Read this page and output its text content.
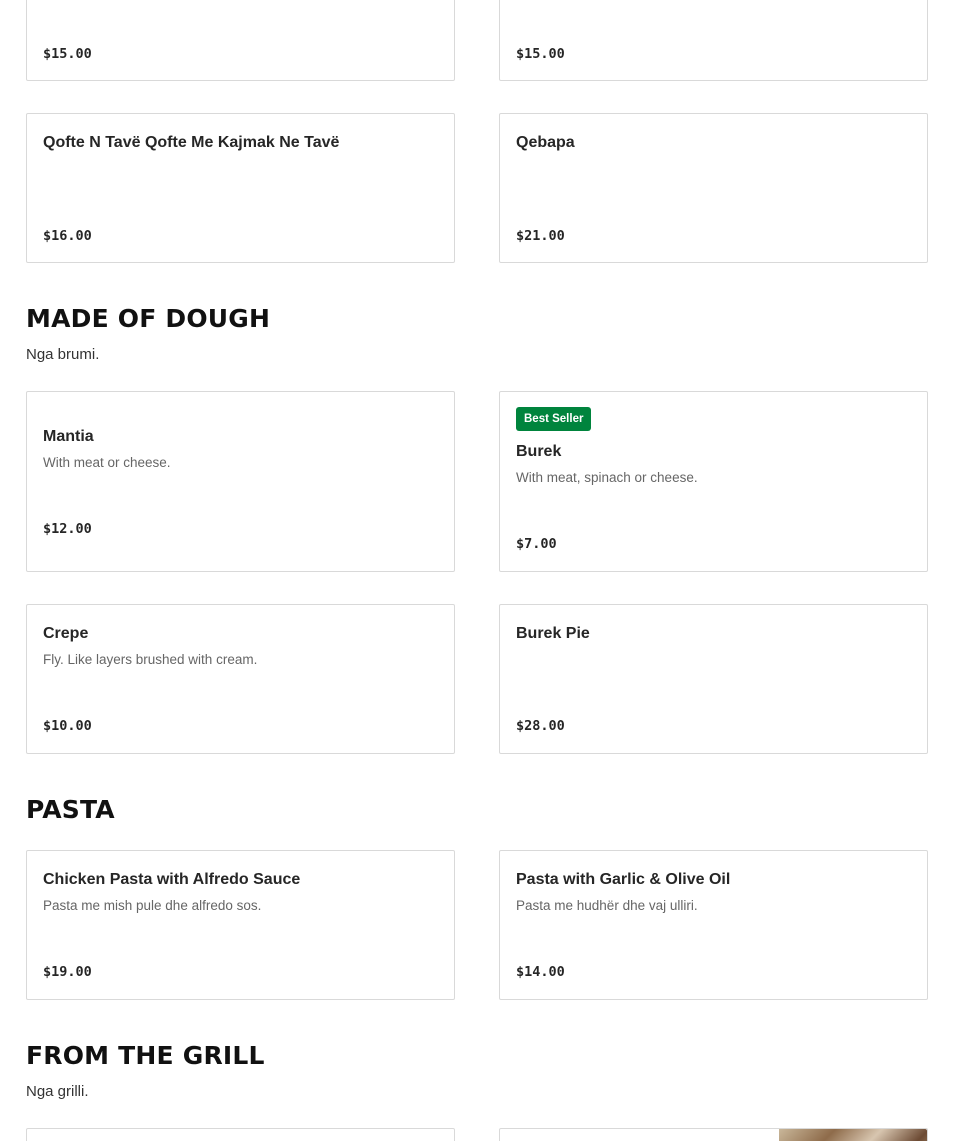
$15.00	$15.00
Qofte N Tavë Qofte Me Kajmak Ne Tavë
$16.00
Qebapa
$21.00
MADE OF DOUGH
Nga brumi.
Mantia
With meat or cheese.
$12.00
Best Seller
Burek
With meat, spinach or cheese.
$7.00
Crepe
Fly. Like layers brushed with cream.
$10.00
Burek Pie
$28.00
PASTA
Chicken Pasta with Alfredo Sauce
Pasta me mish pule dhe alfredo sos.
$19.00
Pasta with Garlic & Olive Oil
Pasta me hudhër dhe vaj ulliri.
$14.00
FROM THE GRILL
Nga grilli.
